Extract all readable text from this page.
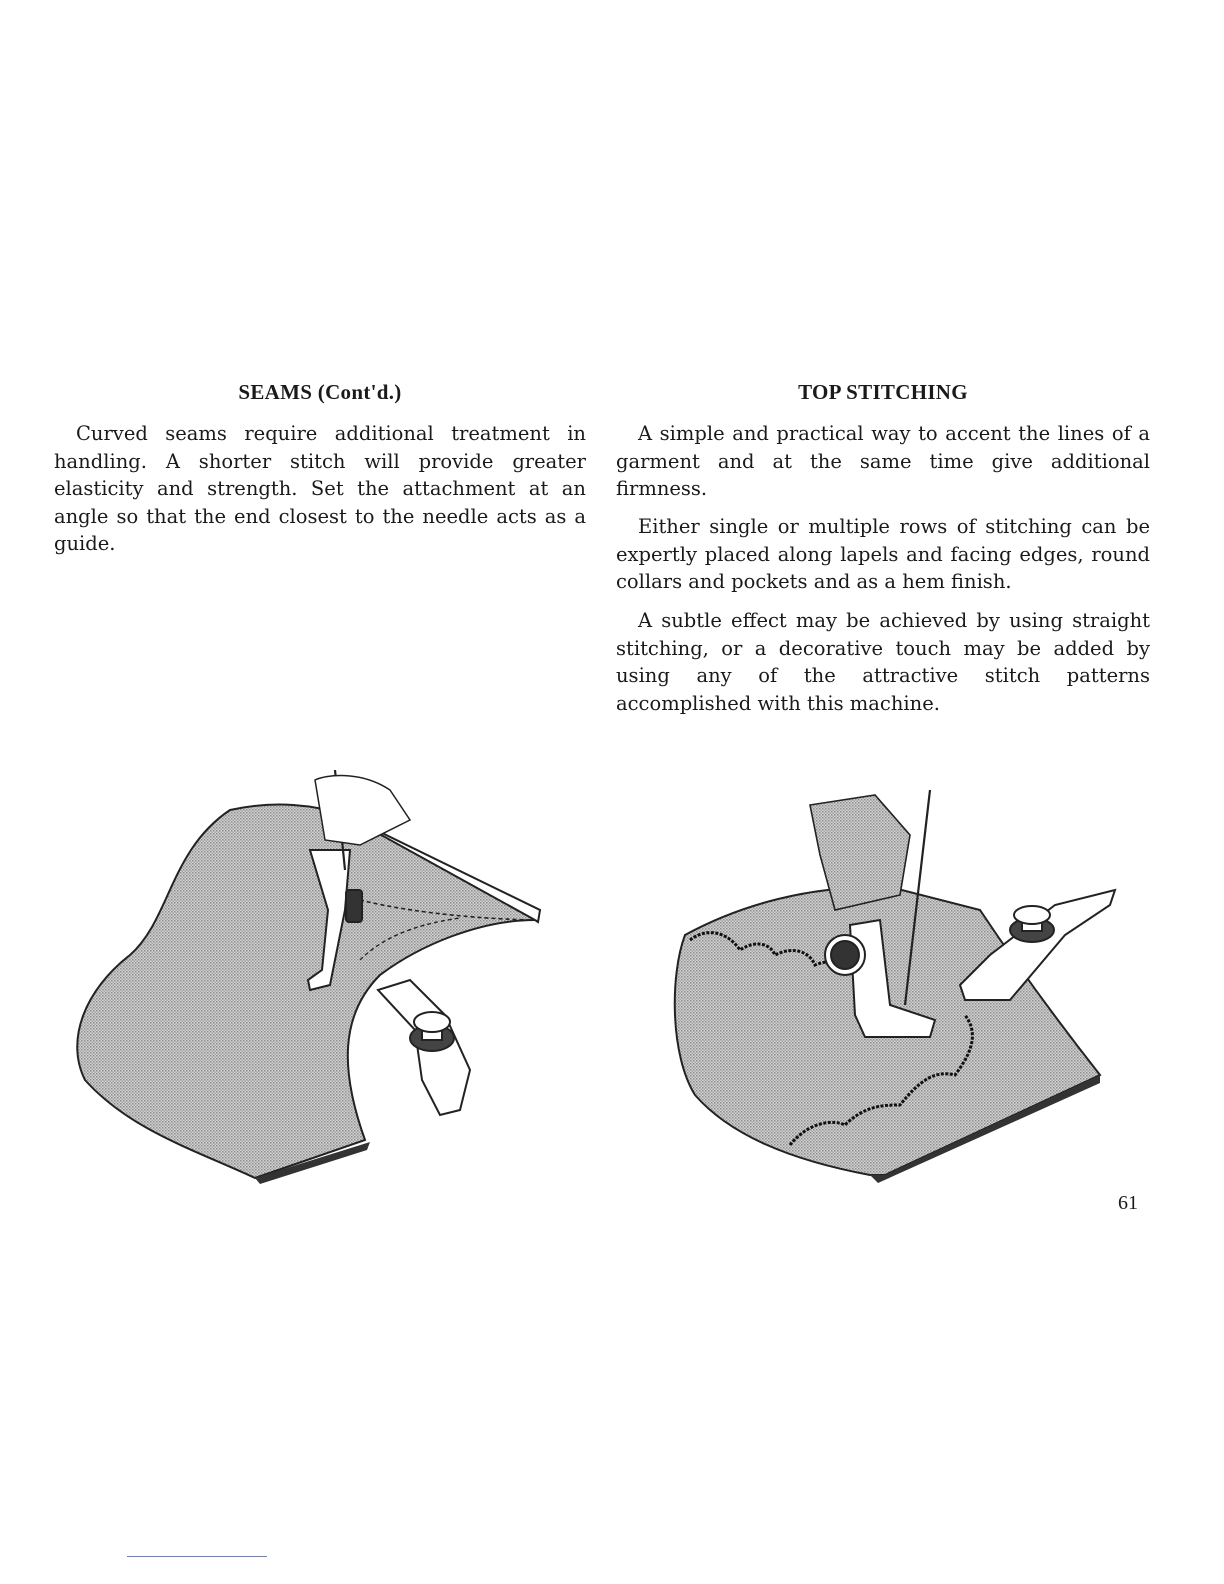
SEAMS (Cont'd.)

Curved seams require additional treatment in handling. A shorter stitch will provide greater elasticity and strength. Set the attachment at an angle so that the end closest to the needle acts as a guide.

TOP STITCHING

A simple and practical way to accent the lines of a garment and at the same time give additional firmness.

Either single or multiple rows of stitching can be expertly placed along lapels and facing edges, round collars and pockets and as a hem finish.

A subtle effect may be achieved by using straight stitching, or a decorative touch may be added by using any of the attractive stitch patterns accomplished with this machine.

61
